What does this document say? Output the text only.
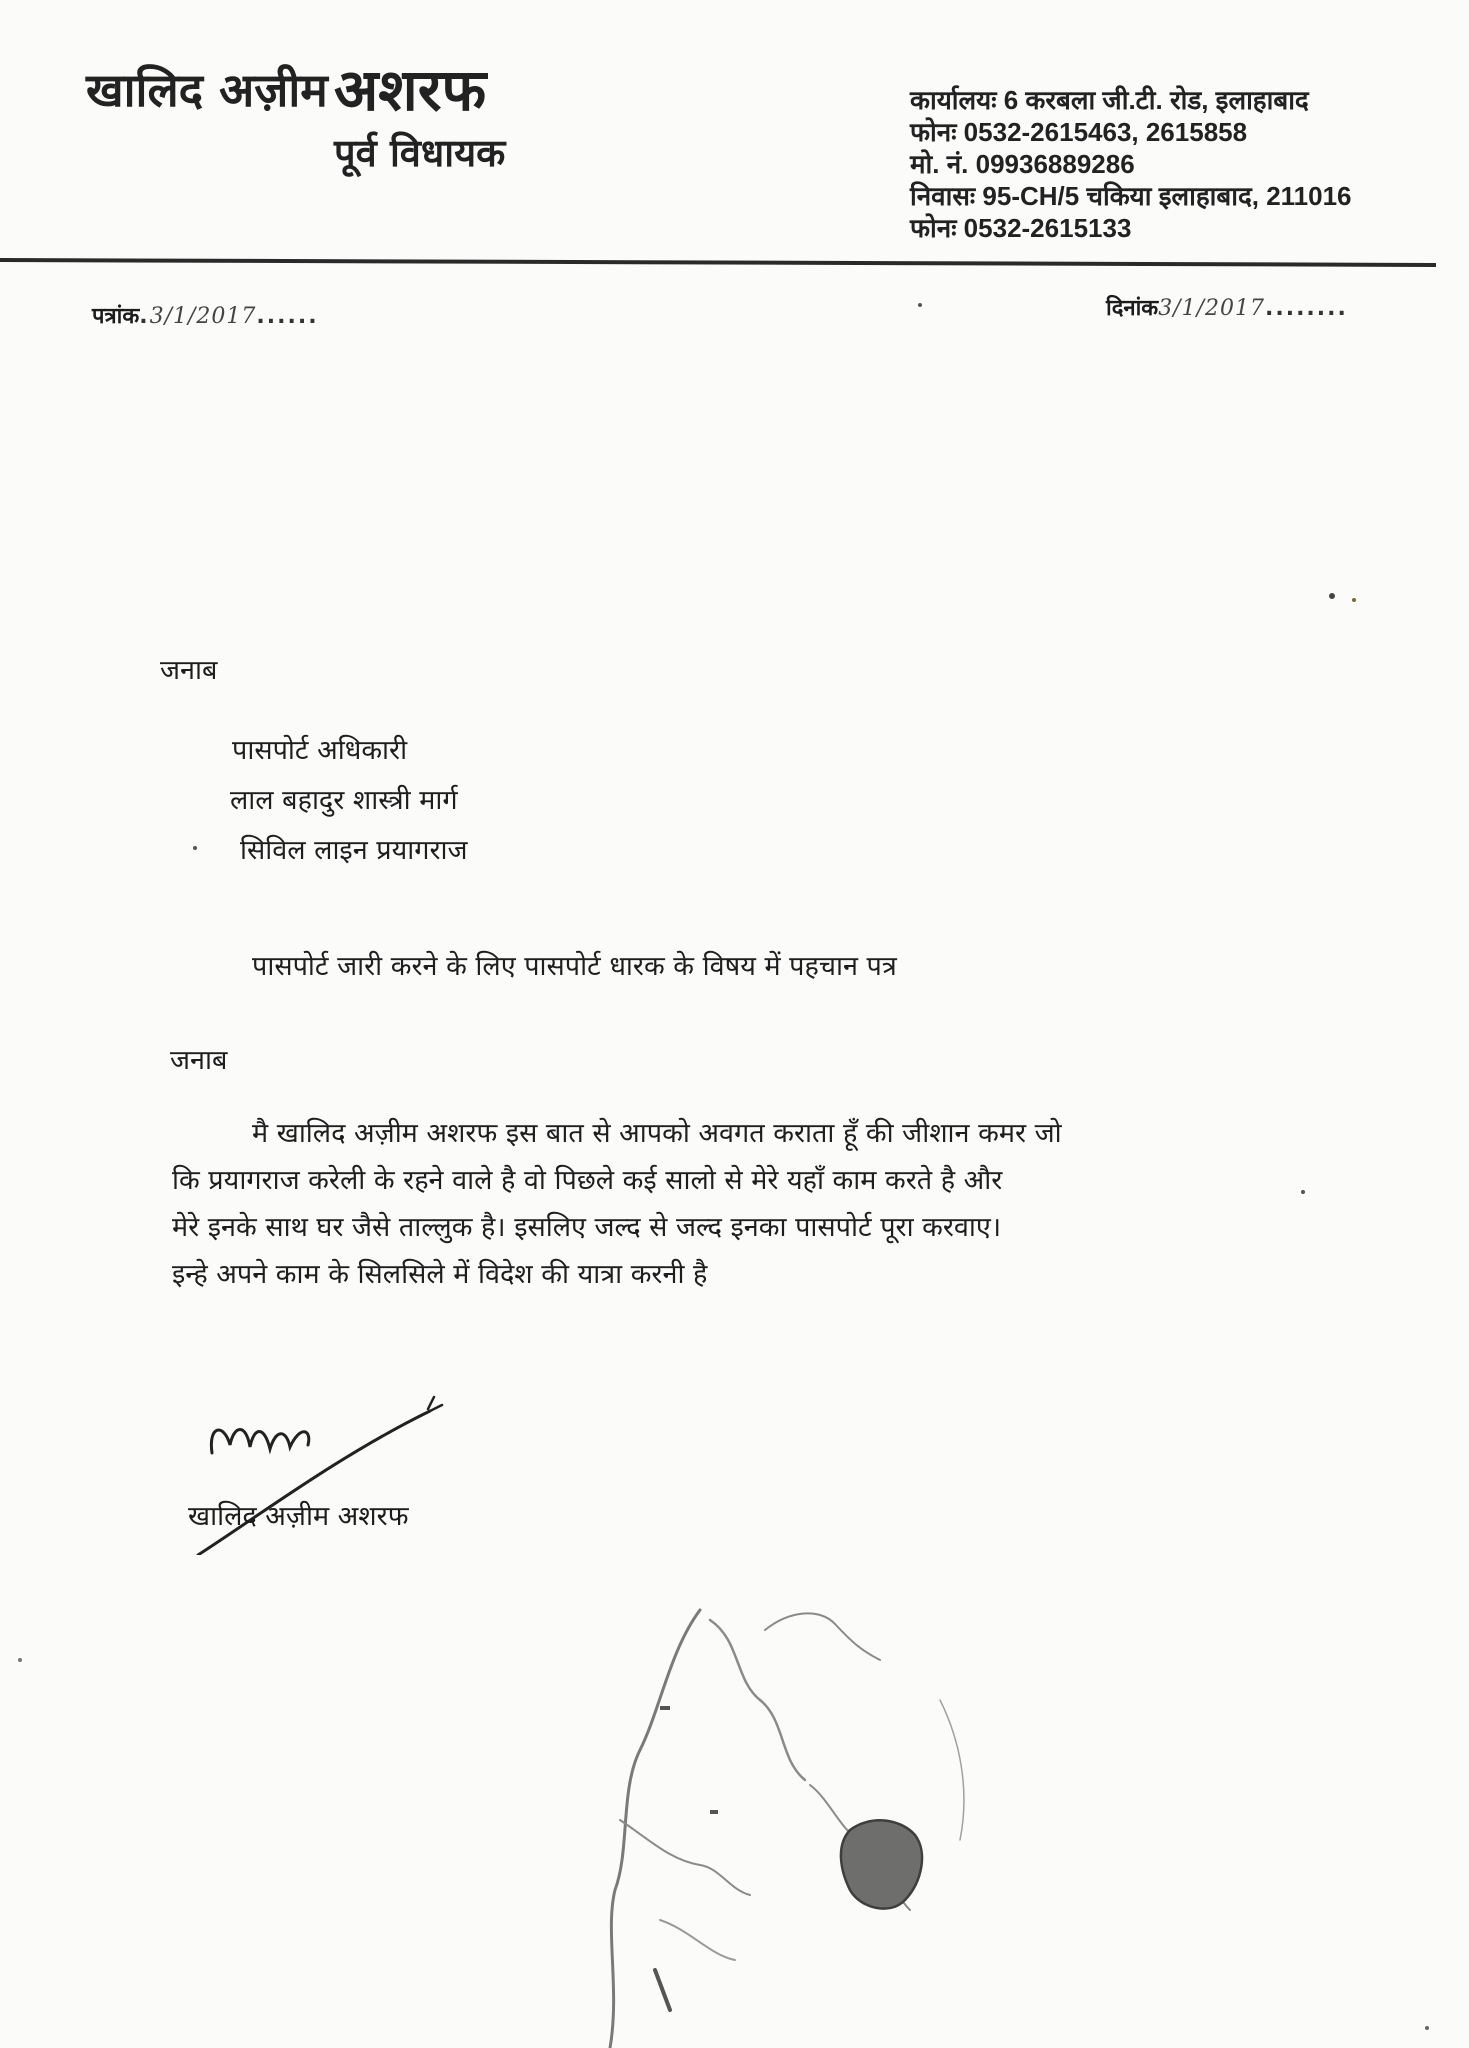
खालिद अज़ीम अशरफ
पूर्व विधायक
कार्यालयः 6 करबला जी.टी. रोड, इलाहाबाद
फोनः 0532-2615463, 2615858
मो. नं. 09936889286
निवासः 95-CH/5 चकिया इलाहाबाद, 211016
फोनः 0532-2615133
पत्रांक.3/1/2017......	दिनांक3/1/2017........
जनाब
पासपोर्ट अधिकारी
लाल बहादुर शास्त्री मार्ग
सिविल लाइन प्रयागराज
पासपोर्ट जारी करने के लिए पासपोर्ट धारक के विषय में पहचान पत्र
जनाब
मै खालिद अज़ीम अशरफ इस बात से आपको अवगत कराता हूँ की जीशान कमर जो
कि प्रयागराज करेली के रहने वाले है वो पिछले कई सालो से मेरे यहाँ काम करते है और
मेरे इनके साथ घर जैसे ताल्लुक है। इसलिए जल्द से जल्द इनका पासपोर्ट पूरा करवाए।
इन्हे अपने काम के सिलसिले में विदेश की यात्रा करनी है
खालिद अज़ीम अशरफ
